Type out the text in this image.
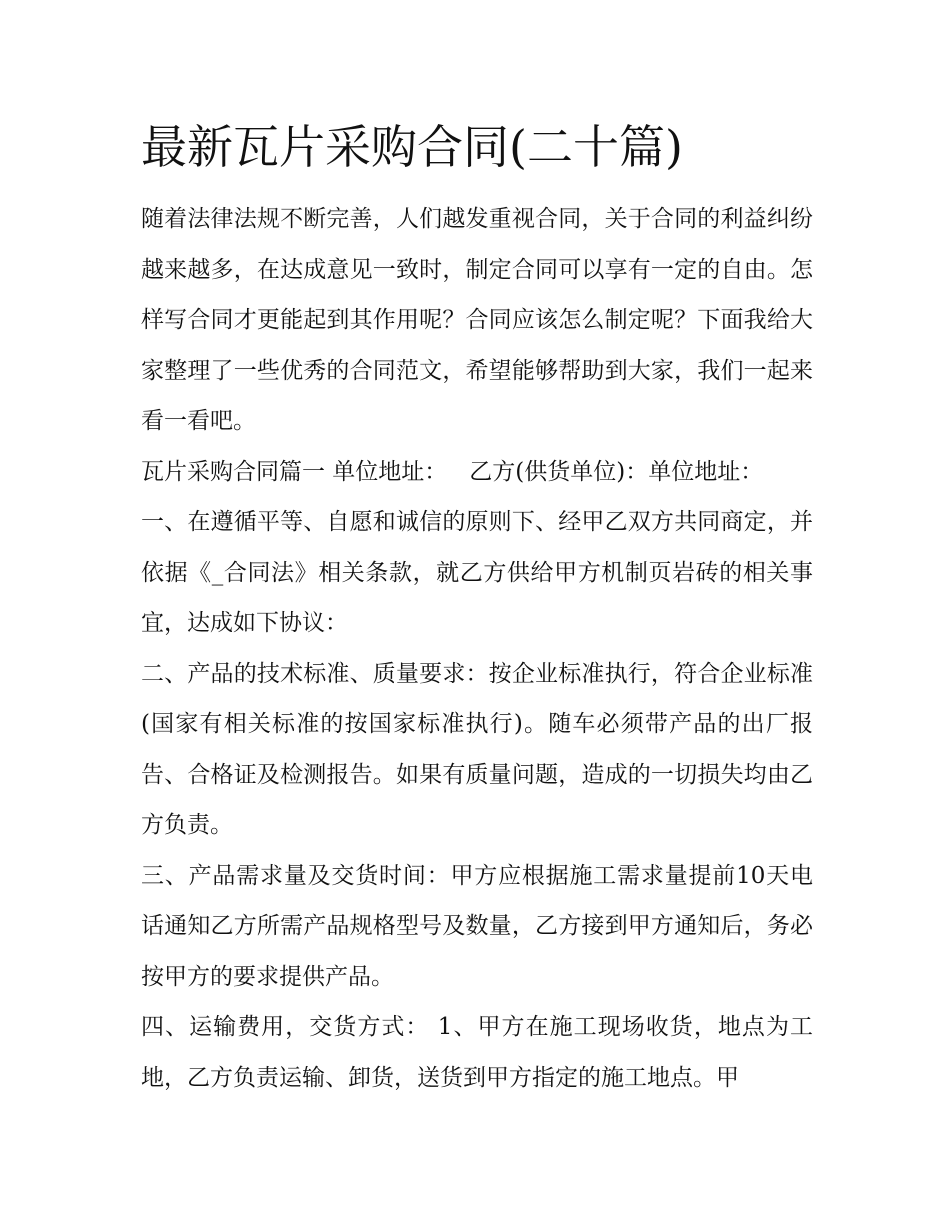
最新瓦片采购合同(二十篇)

随着法律法规不断完善，人们越发重视合同，关于合同的利益纠纷越来越多，在达成意见一致时，制定合同可以享有一定的自由。怎样写合同才更能起到其作用呢？合同应该怎么制定呢？下面我给大家整理了一些优秀的合同范文，希望能够帮助到大家，我们一起来看一看吧。

瓦片采购合同篇一 单位地址：   乙方(供货单位)：单位地址：

一、在遵循平等、自愿和诚信的原则下、经甲乙双方共同商定，并依据《_合同法》相关条款，就乙方供给甲方机制页岩砖的相关事宜，达成如下协议：

二、产品的技术标准、质量要求：按企业标准执行，符合企业标准(国家有相关标准的按国家标准执行)。随车必须带产品的出厂报告、合格证及检测报告。如果有质量问题，造成的一切损失均由乙方负责。

三、产品需求量及交货时间：甲方应根据施工需求量提前10天电话通知乙方所需产品规格型号及数量，乙方接到甲方通知后，务必按甲方的要求提供产品。

四、运输费用，交货方式： 1、甲方在施工现场收货，地点为工地，乙方负责运输、卸货，送货到甲方指定的施工地点。甲
